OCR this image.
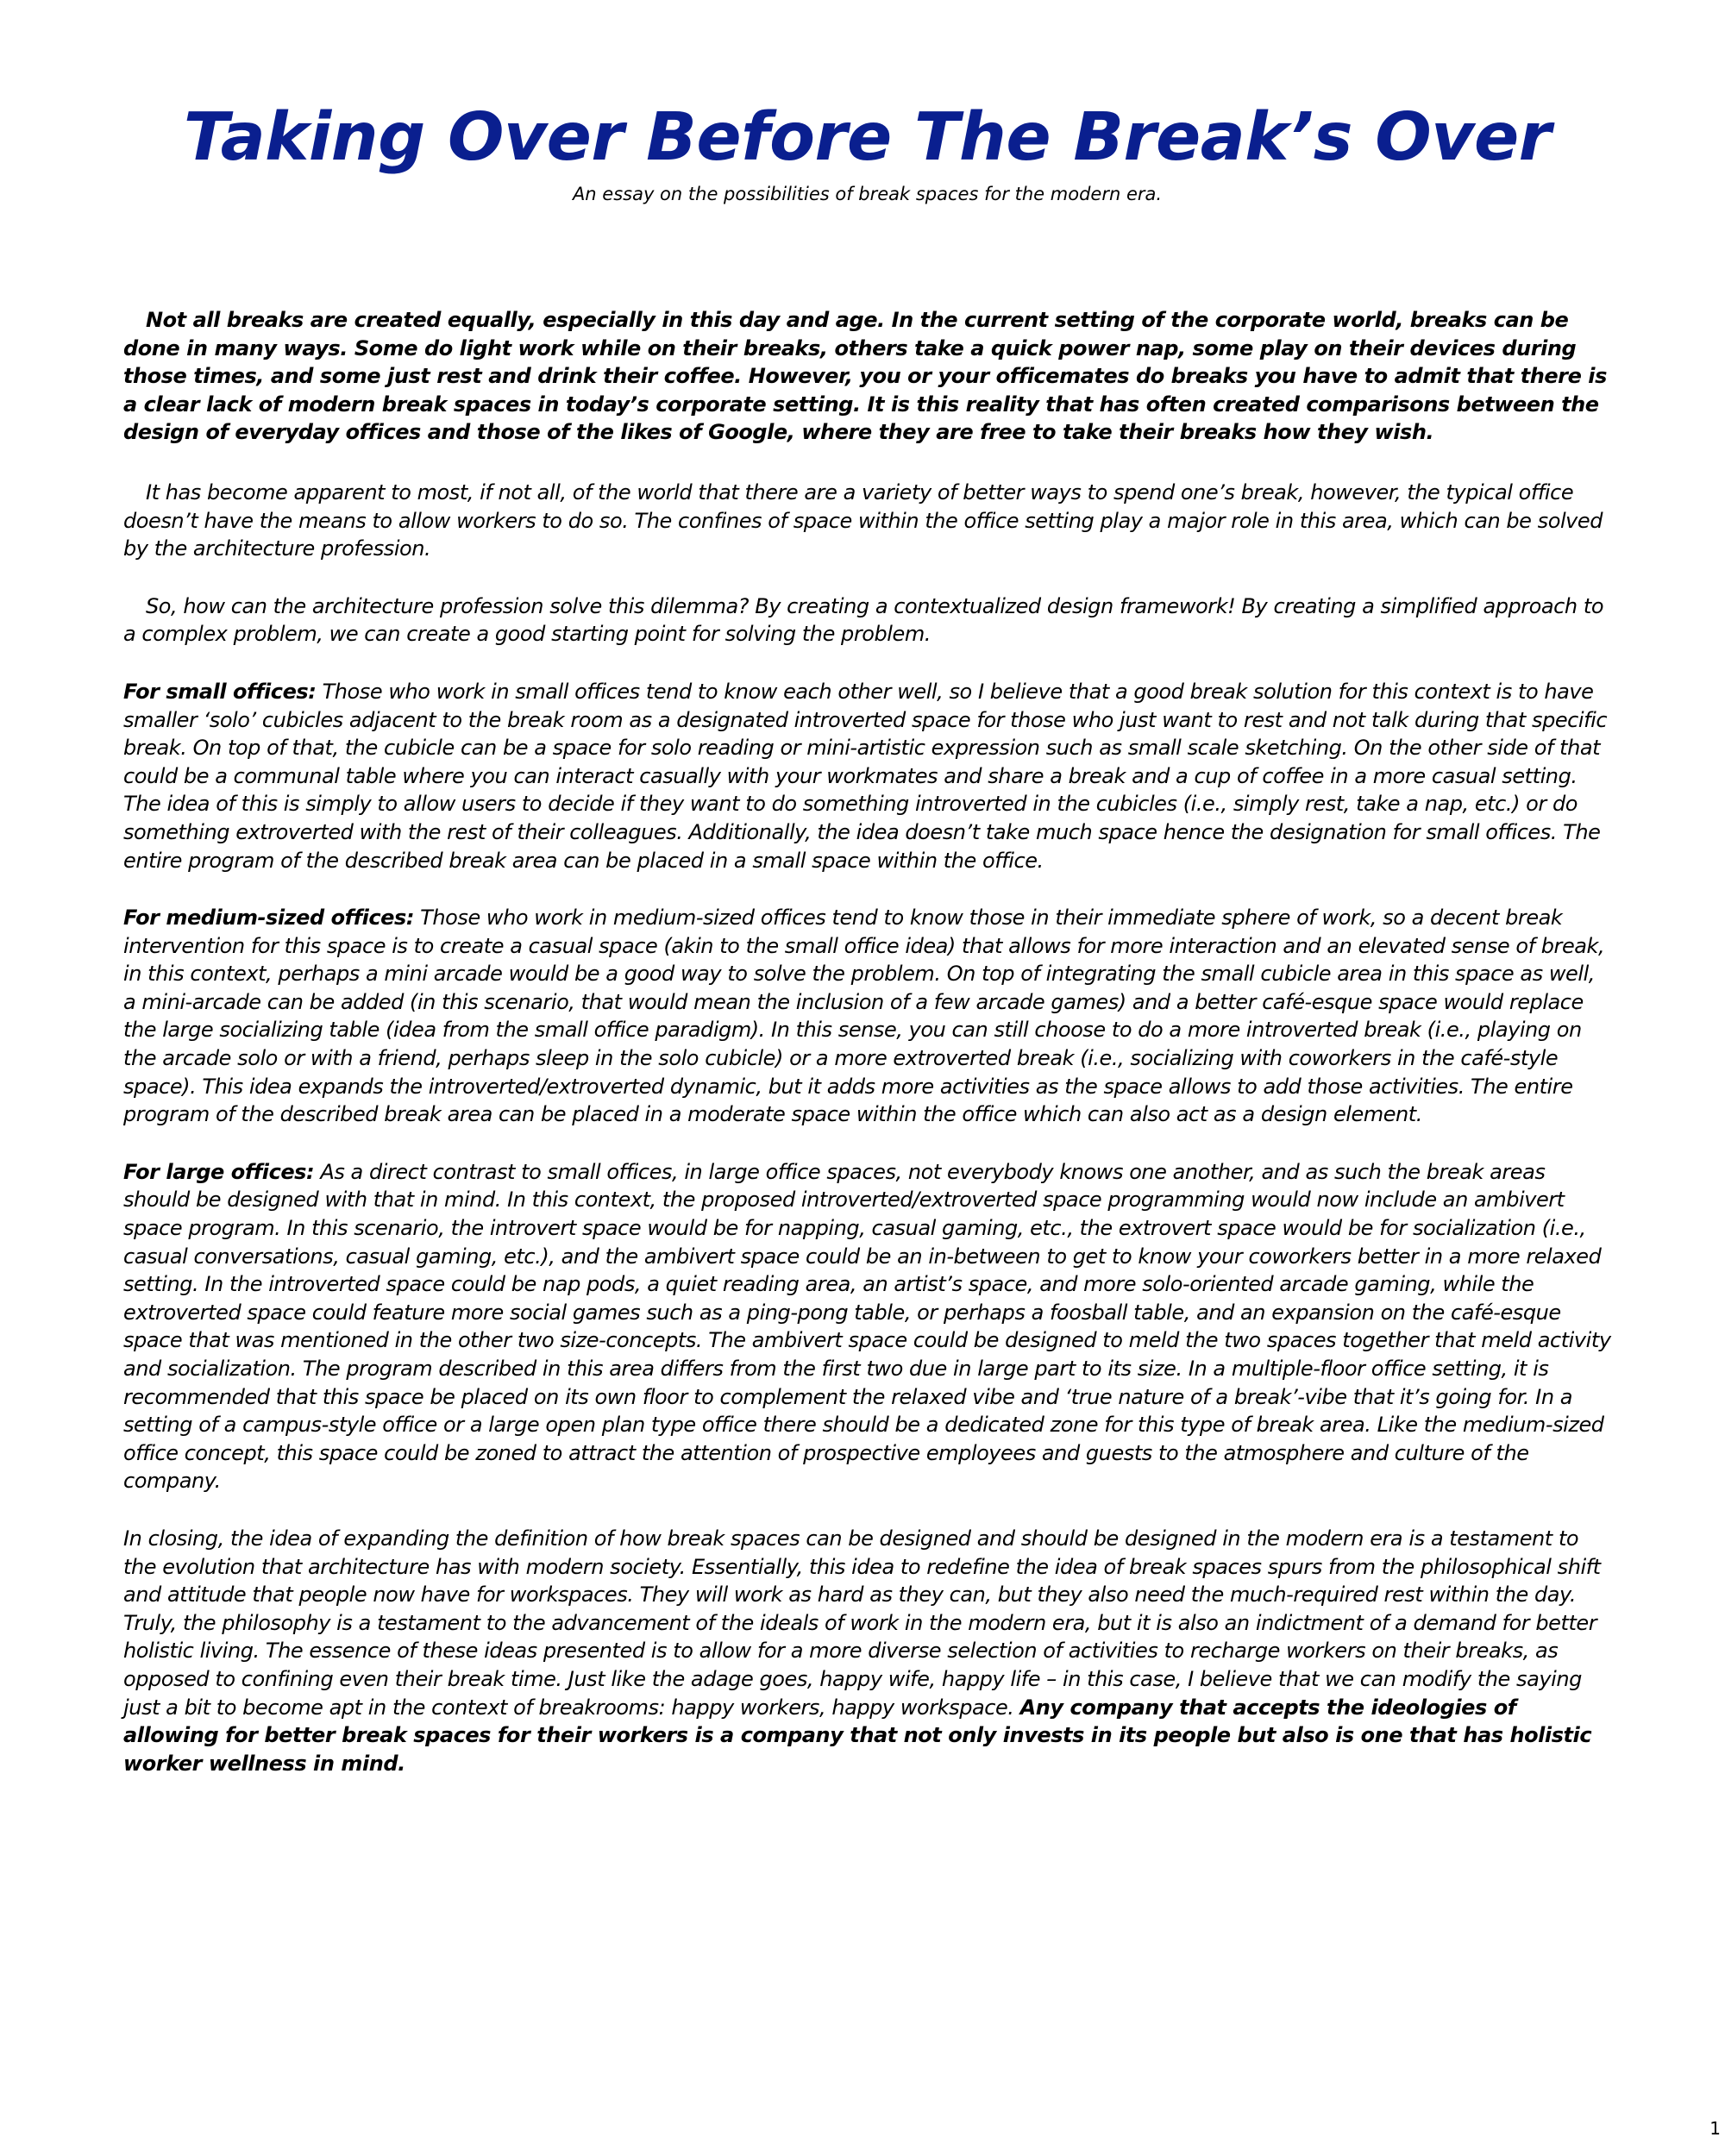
Taking Over Before The Break’s Over

An essay on the possibilities of break spaces for the modern era.

Not all breaks are created equally, especially in this day and age. In the current setting of the corporate world, breaks can be done in many ways. Some do light work while on their breaks, others take a quick power nap, some play on their devices during those times, and some just rest and drink their coffee. However, you or your officemates do breaks you have to admit that there is a clear lack of modern break spaces in today’s corporate setting. It is this reality that has often created comparisons between the design of everyday offices and those of the likes of Google, where they are free to take their breaks how they wish.

It has become apparent to most, if not all, of the world that there are a variety of better ways to spend one’s break, however, the typical office doesn’t have the means to allow workers to do so. The confines of space within the office setting play a major role in this area, which can be solved by the architecture profession.

So, how can the architecture profession solve this dilemma? By creating a contextualized design framework! By creating a simplified approach to a complex problem, we can create a good starting point for solving the problem.

For small offices: Those who work in small offices tend to know each other well, so I believe that a good break solution for this context is to have smaller ‘solo’ cubicles adjacent to the break room as a designated introverted space for those who just want to rest and not talk during that specific break. On top of that, the cubicle can be a space for solo reading or mini-artistic expression such as small scale sketching. On the other side of that could be a communal table where you can interact casually with your workmates and share a break and a cup of coffee in a more casual setting. The idea of this is simply to allow users to decide if they want to do something introverted in the cubicles (i.e., simply rest, take a nap, etc.) or do something extroverted with the rest of their colleagues. Additionally, the idea doesn’t take much space hence the designation for small offices. The entire program of the described break area can be placed in a small space within the office.

For medium-sized offices: Those who work in medium-sized offices tend to know those in their immediate sphere of work, so a decent break intervention for this space is to create a casual space (akin to the small office idea) that allows for more interaction and an elevated sense of break, in this context, perhaps a mini arcade would be a good way to solve the problem. On top of integrating the small cubicle area in this space as well, a mini-arcade can be added (in this scenario, that would mean the inclusion of a few arcade games) and a better café-esque space would replace the large socializing table (idea from the small office paradigm). In this sense, you can still choose to do a more introverted break (i.e., playing on the arcade solo or with a friend, perhaps sleep in the solo cubicle) or a more extroverted break (i.e., socializing with coworkers in the café-style space). This idea expands the introverted/extroverted dynamic, but it adds more activities as the space allows to add those activities. The entire program of the described break area can be placed in a moderate space within the office which can also act as a design element.

For large offices: As a direct contrast to small offices, in large office spaces, not everybody knows one another, and as such the break areas should be designed with that in mind. In this context, the proposed introverted/extroverted space programming would now include an ambivert space program. In this scenario, the introvert space would be for napping, casual gaming, etc., the extrovert space would be for socialization (i.e., casual conversations, casual gaming, etc.), and the ambivert space could be an in-between to get to know your coworkers better in a more relaxed setting. In the introverted space could be nap pods, a quiet reading area, an artist’s space, and more solo-oriented arcade gaming, while the extroverted space could feature more social games such as a ping-pong table, or perhaps a foosball table, and an expansion on the café-esque space that was mentioned in the other two size-concepts. The ambivert space could be designed to meld the two spaces together that meld activity and socialization. The program described in this area differs from the first two due in large part to its size. In a multiple-floor office setting, it is recommended that this space be placed on its own floor to complement the relaxed vibe and ‘true nature of a break’-vibe that it’s going for. In a setting of a campus-style office or a large open plan type office there should be a dedicated zone for this type of break area. Like the medium-sized office concept, this space could be zoned to attract the attention of prospective employees and guests to the atmosphere and culture of the company.

In closing, the idea of expanding the definition of how break spaces can be designed and should be designed in the modern era is a testament to the evolution that architecture has with modern society. Essentially, this idea to redefine the idea of break spaces spurs from the philosophical shift and attitude that people now have for workspaces. They will work as hard as they can, but they also need the much-required rest within the day. Truly, the philosophy is a testament to the advancement of the ideals of work in the modern era, but it is also an indictment of a demand for better holistic living. The essence of these ideas presented is to allow for a more diverse selection of activities to recharge workers on their breaks, as opposed to confining even their break time. Just like the adage goes, happy wife, happy life – in this case, I believe that we can modify the saying just a bit to become apt in the context of breakrooms: happy workers, happy workspace. Any company that accepts the ideologies of allowing for better break spaces for their workers is a company that not only invests in its people but also is one that has holistic worker wellness in mind.

1
